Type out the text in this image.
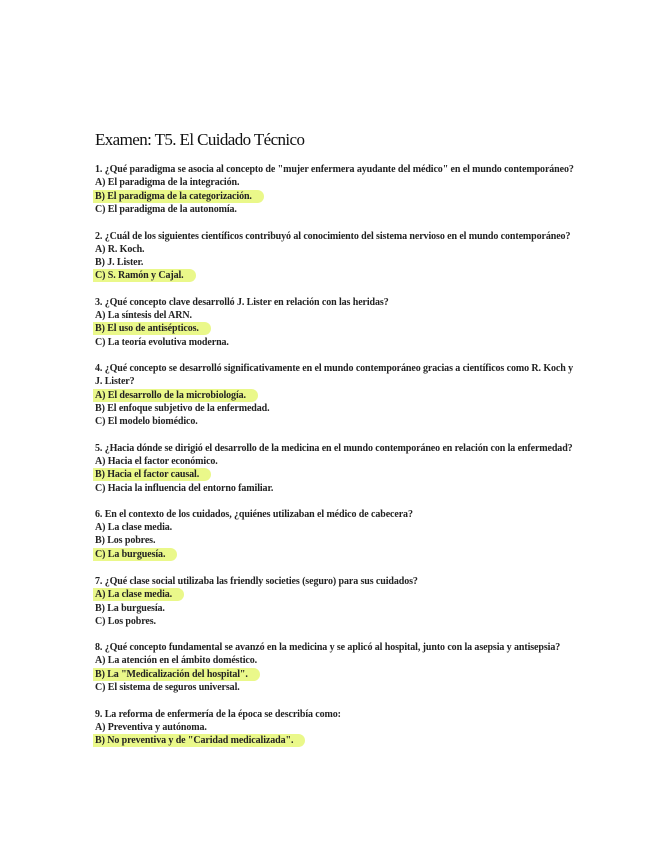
Examen: T5. El Cuidado Técnico
1. ¿Qué paradigma se asocia al concepto de "mujer enfermera ayudante del médico" en el mundo contemporáneo?
A) El paradigma de la integración.
B) El paradigma de la categorización.
C) El paradigma de la autonomía.
2. ¿Cuál de los siguientes científicos contribuyó al conocimiento del sistema nervioso en el mundo contemporáneo?
A) R. Koch.
B) J. Lister.
C) S. Ramón y Cajal.
3. ¿Qué concepto clave desarrolló J. Lister en relación con las heridas?
A) La síntesis del ARN.
B) El uso de antisépticos.
C) La teoría evolutiva moderna.
4. ¿Qué concepto se desarrolló significativamente en el mundo contemporáneo gracias a científicos como R. Koch y J. Lister?
A) El desarrollo de la microbiología.
B) El enfoque subjetivo de la enfermedad.
C) El modelo biomédico.
5. ¿Hacia dónde se dirigió el desarrollo de la medicina en el mundo contemporáneo en relación con la enfermedad?
A) Hacia el factor económico.
B) Hacia el factor causal.
C) Hacia la influencia del entorno familiar.
6. En el contexto de los cuidados, ¿quiénes utilizaban el médico de cabecera?
A) La clase media.
B) Los pobres.
C) La burguesía.
7. ¿Qué clase social utilizaba las friendly societies (seguro) para sus cuidados?
A) La clase media.
B) La burguesía.
C) Los pobres.
8. ¿Qué concepto fundamental se avanzó en la medicina y se aplicó al hospital, junto con la asepsia y antisepsia?
A) La atención en el ámbito doméstico.
B) La "Medicalización del hospital".
C) El sistema de seguros universal.
9. La reforma de enfermería de la época se describía como:
A) Preventiva y autónoma.
B) No preventiva y de "Caridad medicalizada".
